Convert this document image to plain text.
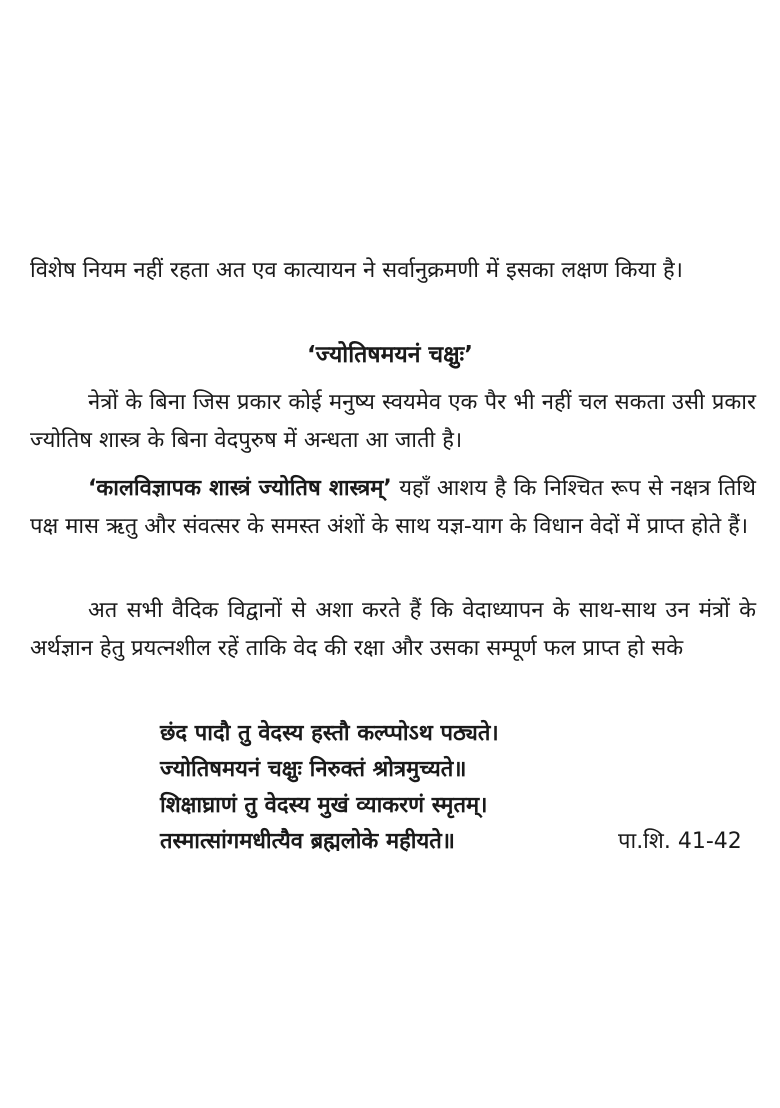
विशेष नियम नहीं रहता अत एव कात्यायन ने सर्वानुक्रमणी में इसका लक्षण किया है।

‘ज्योतिषमयनं चक्षुः’

नेत्रों के बिना जिस प्रकार कोई मनुष्य स्वयमेव एक पैर भी नहीं चल सकता उसी प्रकार ज्योतिष शास्त्र के बिना वेदपुरुष में अन्धता आ जाती है।

‘कालविज्ञापक शास्त्रं ज्योतिष शास्त्रम्’ यहाँ आशय है कि निश्चित रूप से नक्षत्र तिथि पक्ष मास ऋतु और संवत्सर के समस्त अंशों के साथ यज्ञ-याग के विधान वेदों में प्राप्त होते हैं।

अत सभी वैदिक विद्वानों से अशा करते हैं कि वेदाध्यापन के साथ-साथ उन मंत्रों के अर्थज्ञान हेतु प्रयत्नशील रहें ताकि वेद की रक्षा और उसका सम्पूर्ण फल प्राप्त हो सके

छंद पादौ तु वेदस्य हस्तौ कल्प्पोऽथ पठ्यते।
ज्योतिषमयनं चक्षुः निरुक्तं श्रोत्रमुच्यते॥
शिक्षाघ्राणं तु वेदस्य मुखं व्याकरणं स्मृतम्।
तस्मात्सांगमधीत्यैव ब्रह्मलोके महीयते॥	पा.शि. 41-42
